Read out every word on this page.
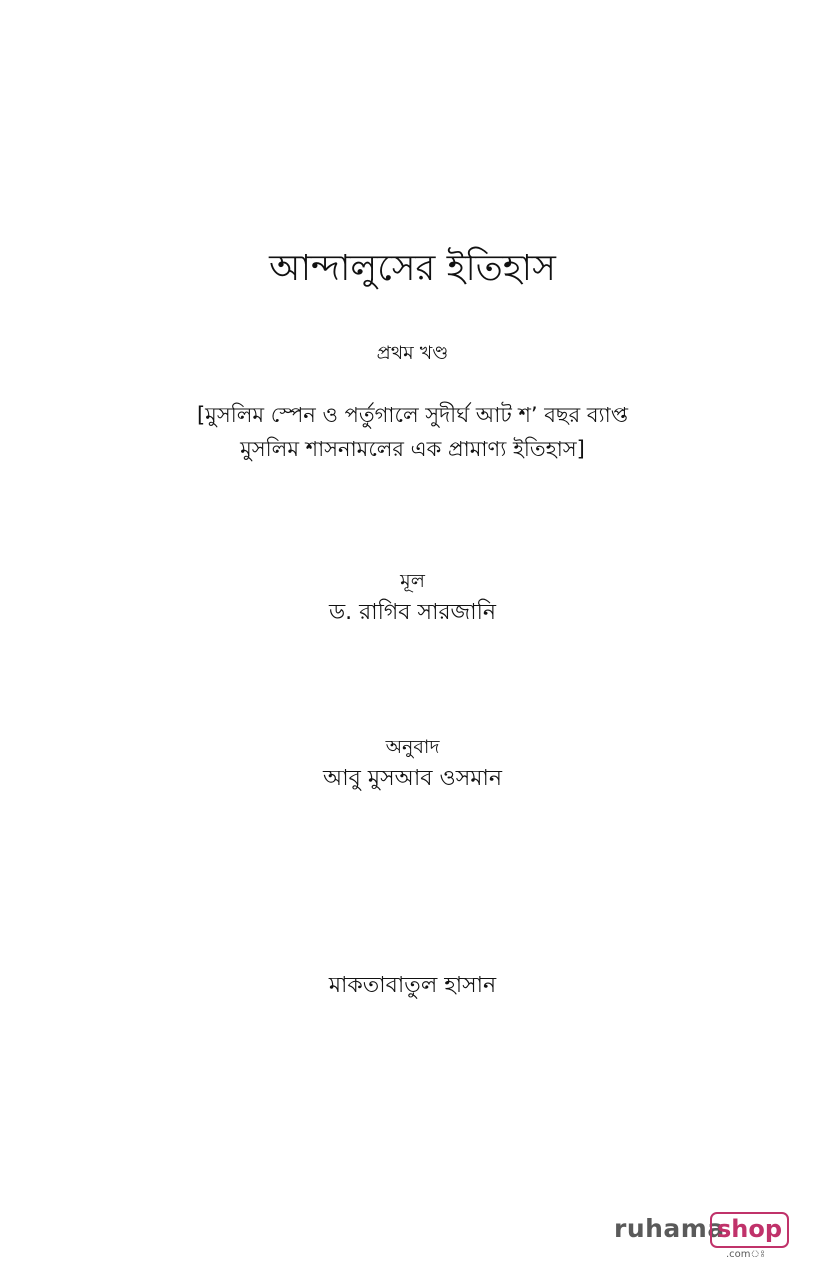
আন্দালুসের ইতিহাস
প্রথম খণ্ড
[মুসলিম স্পেন ও পর্তুগালে সুদীর্ঘ আট শ’ বছর ব্যাপ্ত
মুসলিম শাসনামলের এক প্রামাণ্য ইতিহাস]
মূল
ড. রাগিব সারজানি
অনুবাদ
আবু মুসআব ওসমান
মাকতাবাতুল হাসান
ruhama
shop
.comঃ
